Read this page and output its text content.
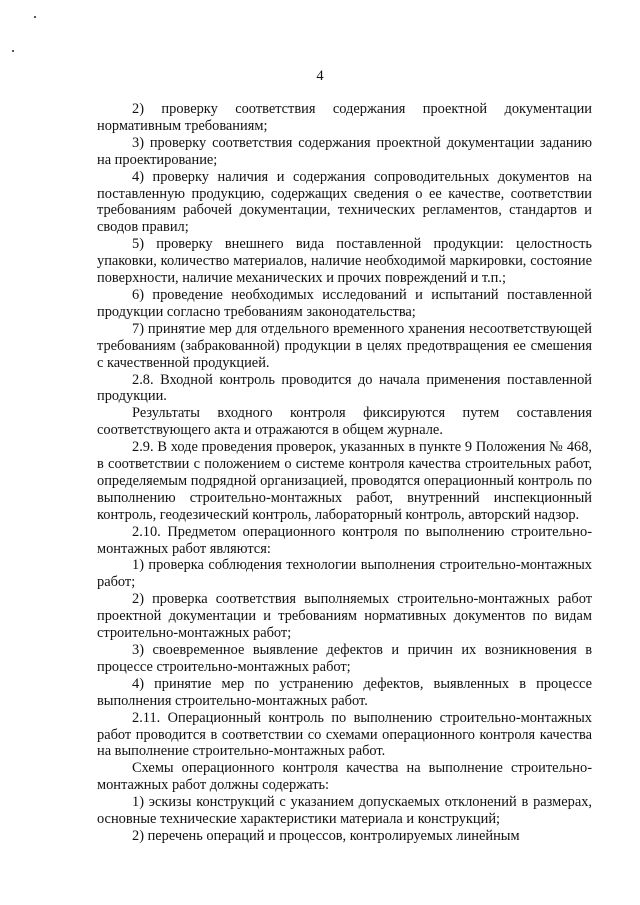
4

2) проверку соответствия содержания проектной документации нормативным требованиям;

3) проверку соответствия содержания проектной документации заданию на проектирование;

4) проверку наличия и содержания сопроводительных документов на поставленную продукцию, содержащих сведения о ее качестве, соответствии требованиям рабочей документации, технических регламентов, стандартов и сводов правил;

5) проверку внешнего вида поставленной продукции: целостность упаковки, количество материалов, наличие необходимой маркировки, состояние поверхности, наличие механических и прочих повреждений и т.п.;

6) проведение необходимых исследований и испытаний поставленной продукции согласно требованиям законодательства;

7) принятие мер для отдельного временного хранения несоответствующей требованиям (забракованной) продукции в целях предотвращения ее смешения с качественной продукцией.

2.8. Входной контроль проводится до начала применения поставленной продукции.

Результаты входного контроля фиксируются путем составления соответствующего акта и отражаются в общем журнале.

2.9. В ходе проведения проверок, указанных в пункте 9 Положения № 468, в соответствии с положением о системе контроля качества строительных работ, определяемым подрядной организацией, проводятся операционный контроль по выполнению строительно-монтажных работ, внутренний инспекционный контроль, геодезический контроль, лабораторный контроль, авторский надзор.

2.10. Предметом операционного контроля по выполнению строительно-монтажных работ являются:

1) проверка соблюдения технологии выполнения строительно-монтажных работ;

2) проверка соответствия выполняемых строительно-монтажных работ проектной документации и требованиям нормативных документов по видам строительно-монтажных работ;

3) своевременное выявление дефектов и причин их возникновения в процессе строительно-монтажных работ;

4) принятие мер по устранению дефектов, выявленных в процессе выполнения строительно-монтажных работ.

2.11. Операционный контроль по выполнению строительно-монтажных работ проводится в соответствии со схемами операционного контроля качества на выполнение строительно-монтажных работ.

Схемы операционного контроля качества на выполнение строительно-монтажных работ должны содержать:

1) эскизы конструкций с указанием допускаемых отклонений в размерах, основные технические характеристики материала и конструкций;

2) перечень операций и процессов, контролируемых линейным
